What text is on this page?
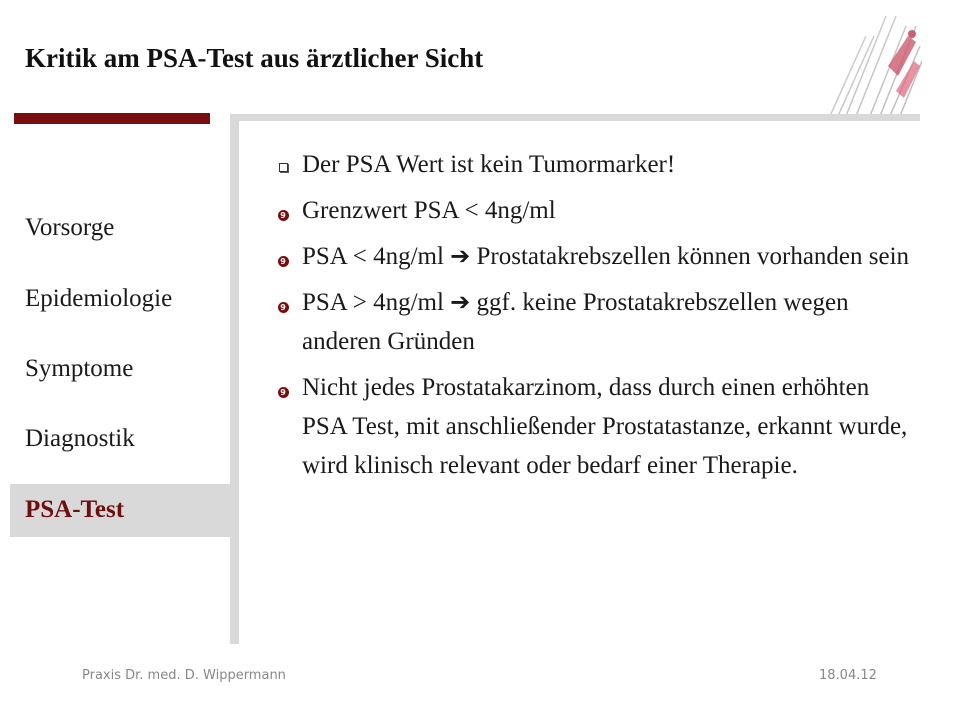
Kritik am PSA-Test aus ärztlicher Sicht
Vorsorge
Epidemiologie
Symptome
Diagnostik
PSA-Test
Der PSA Wert ist kein Tumormarker!
9 Grenzwert PSA < 4ng/ml
9 PSA < 4ng/ml ➔ Prostatakrebszellen können vorhanden sein
9 PSA > 4ng/ml ➔ ggf. keine Prostatakrebszellen wegen anderen Gründen
9 Nicht jedes Prostatakarzinom, dass durch einen erhöhten PSA Test, mit anschließender Prostatastanze, erkannt wurde, wird klinisch relevant oder bedarf einer Therapie.
Praxis Dr. med. D. Wippermann	18.04.12
